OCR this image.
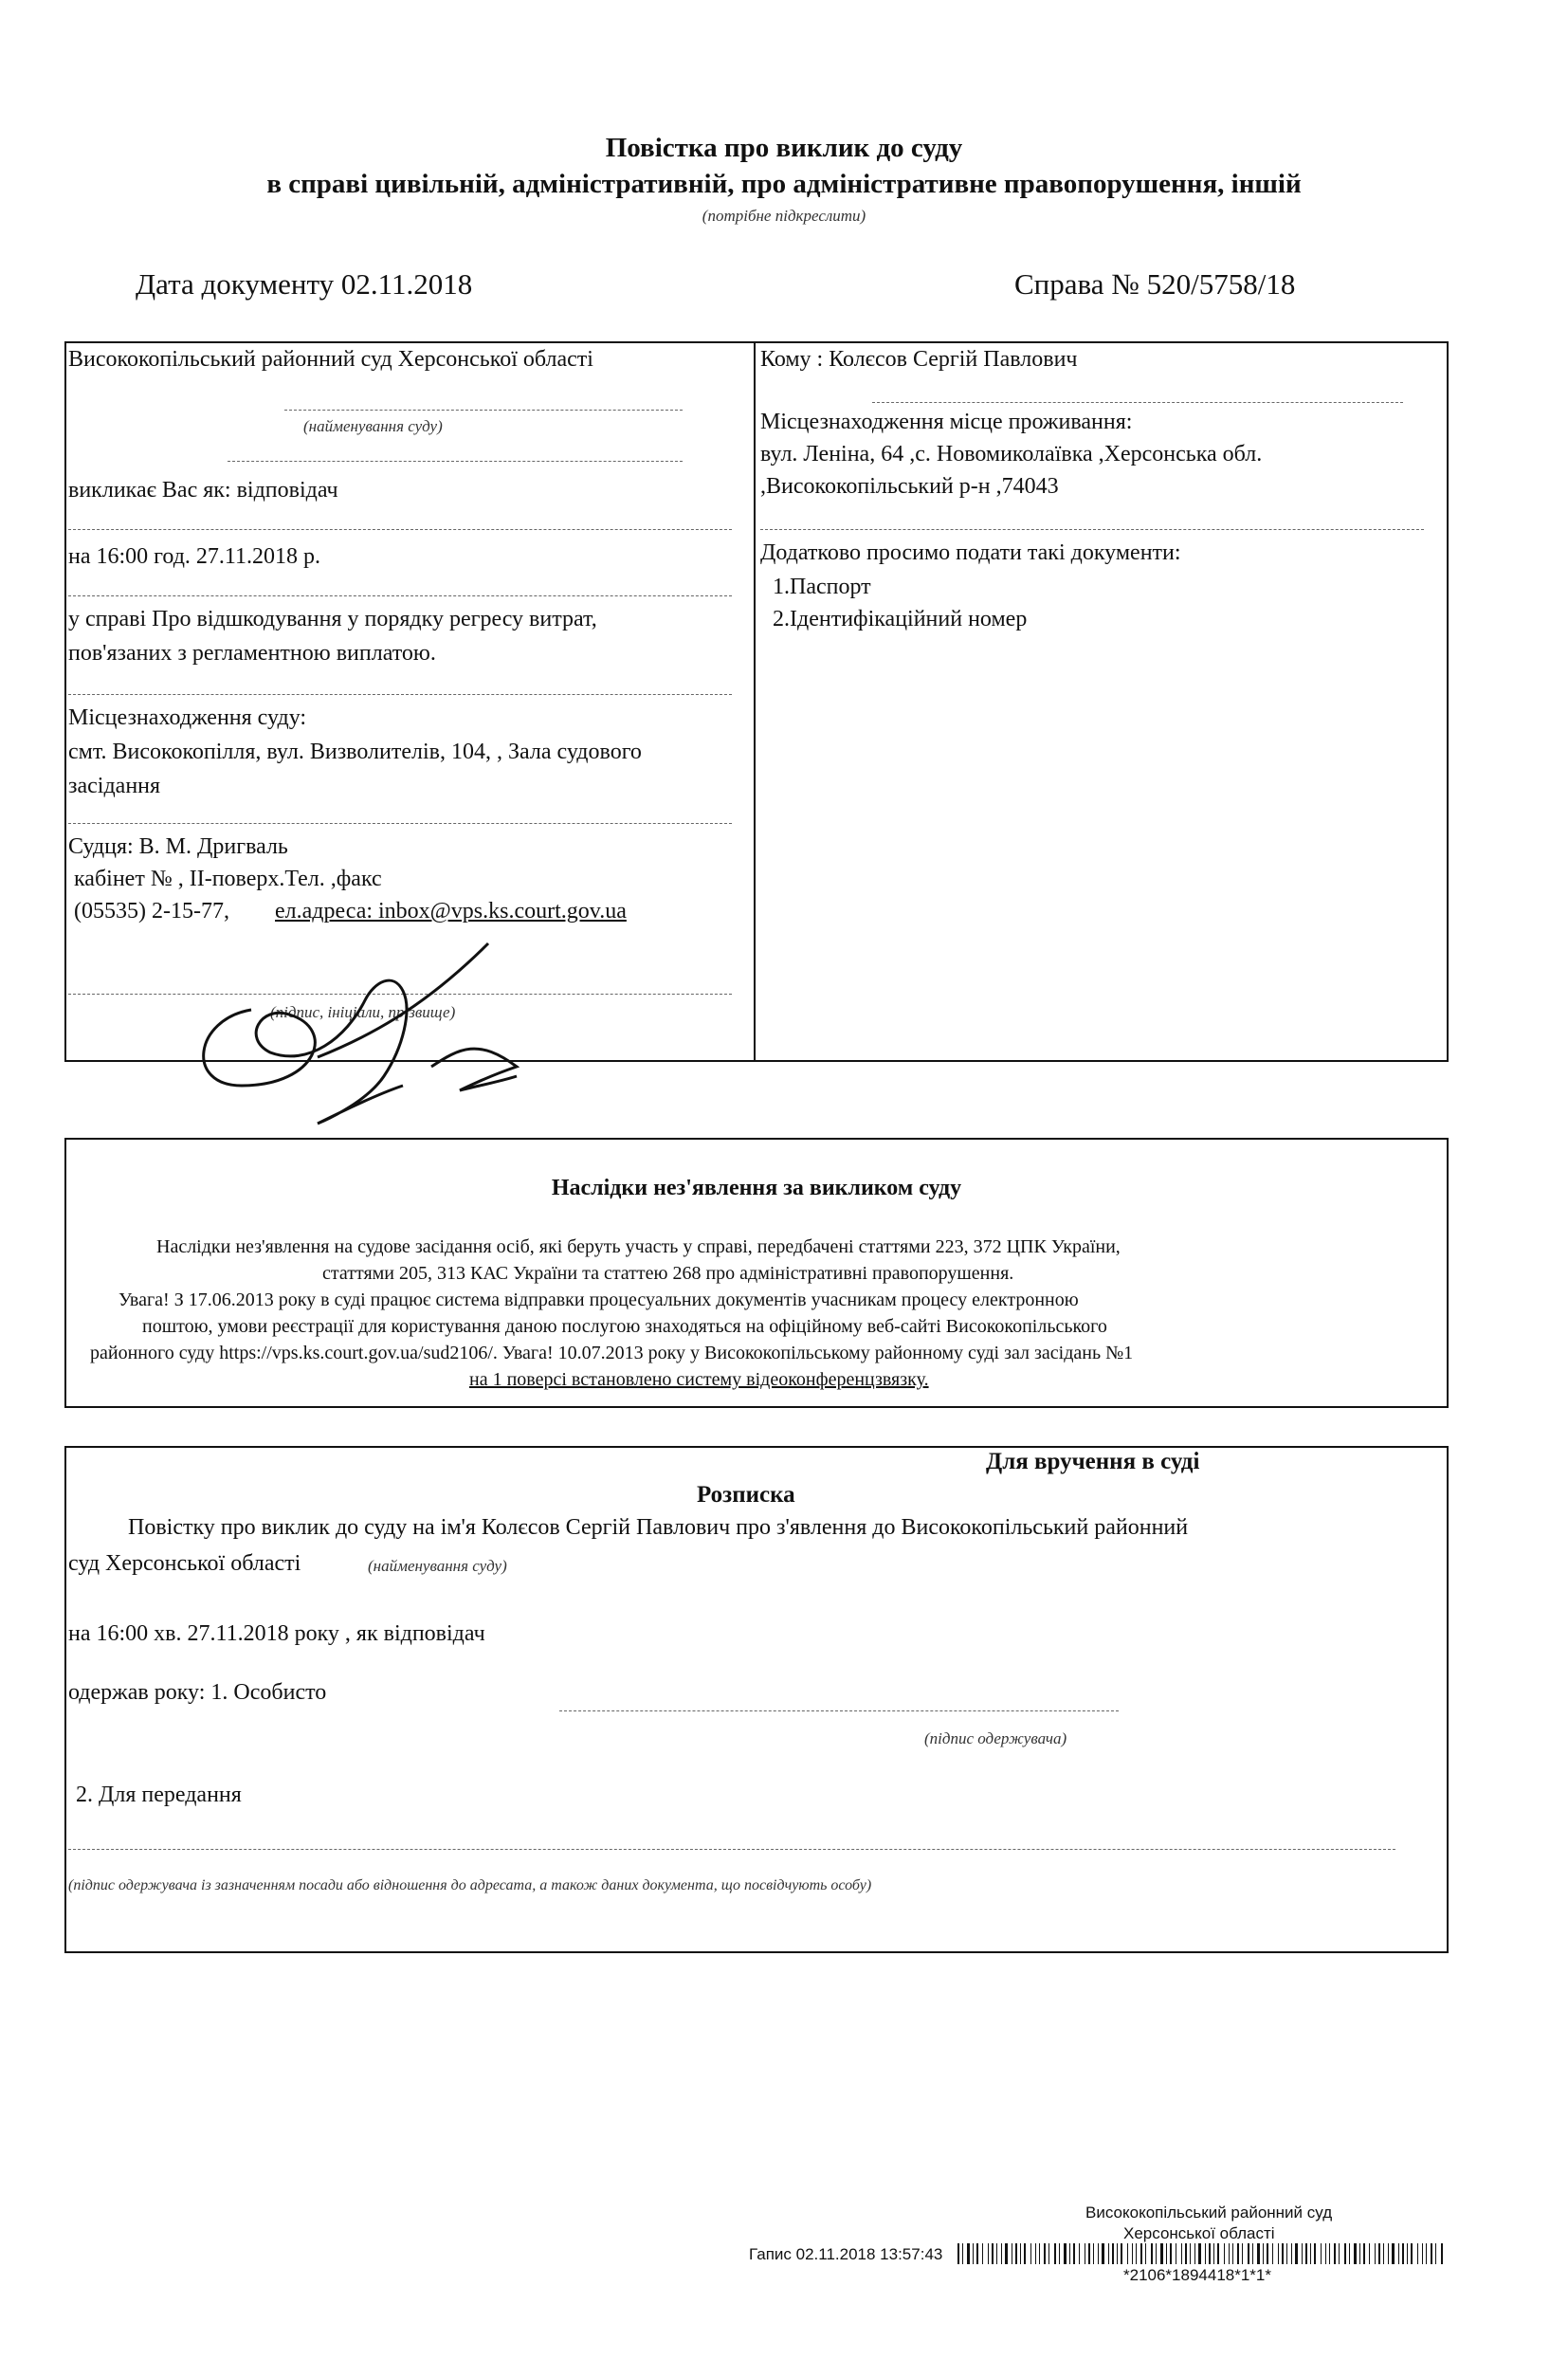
Повістка про виклик до суду
в справі цивільній, адміністративній, про адміністративне правопорушення, іншій
(потрібне підкреслити)
Дата документу 02.11.2018	Справа № 520/5758/18
Висококопільський районний суд Херсонської області
(найменування суду)
викликає Вас як: відповідач
на 16:00 год. 27.11.2018 р.
у справі Про відшкодування у порядку регресу витрат,
пов'язаних з регламентною виплатою.
Місцезнаходження суду:
смт. Висококопілля, вул. Визволителів, 104, , Зала судового
засідання
Судця: В. М. Дригваль
кабінет № , II-поверх.Тел. ,факс
(05535) 2-15-77, ел.адреса: inbox@vps.ks.court.gov.ua
(підпис, ініціали, прізвище)
Кому : Колєсов Сергій Павлович
Місцезнаходження місце проживання:
вул. Леніна, 64 ,с. Новомиколаївка ,Херсонська обл.
,Висококопільський р-н ,74043
Додатково просимо подати такі документи:
1.Паспорт
2.Ідентифікаційний номер
Наслідки нез'явлення за викликом суду
Наслідки нез'явлення на судове засідання осіб, які беруть участь у справі, передбачені статтями 223, 372 ЦПК України,
статтями 205, 313 КАС України та статтею 268 про адміністративні правопорушення.
Увага! З 17.06.2013 року в суді працює система відправки процесуальних документів учасникам процесу електронною
поштою, умови реєстрації для користування даною послугою знаходяться на офіційному веб-сайті Висококопільського
районного суду https://vps.ks.court.gov.ua/sud2106/. Увага! 10.07.2013 року у Висококопільському районному суді зал засідань №1
на 1 поверсі встановлено систему відеоконференцзвязку.
Для вручення в суді
Розписка
Повістку про виклик до суду на ім'я Колєсов Сергій Павлович про з'явлення до Висококопільський районний
суд Херсонської області	(найменування суду)
на 16:00 хв. 27.11.2018 року , як відповідач
одержав року: 1. Особисто
(підпис одержувача)
2. Для передання
(підпис одержувача із зазначенням посади або відношення до адресата, а також даних документа, що посвідчують особу)
Висококопільський районний суд
Херсонської області
Гапис 02.11.2018 13:57:43
*2106*1894418*1*1*
